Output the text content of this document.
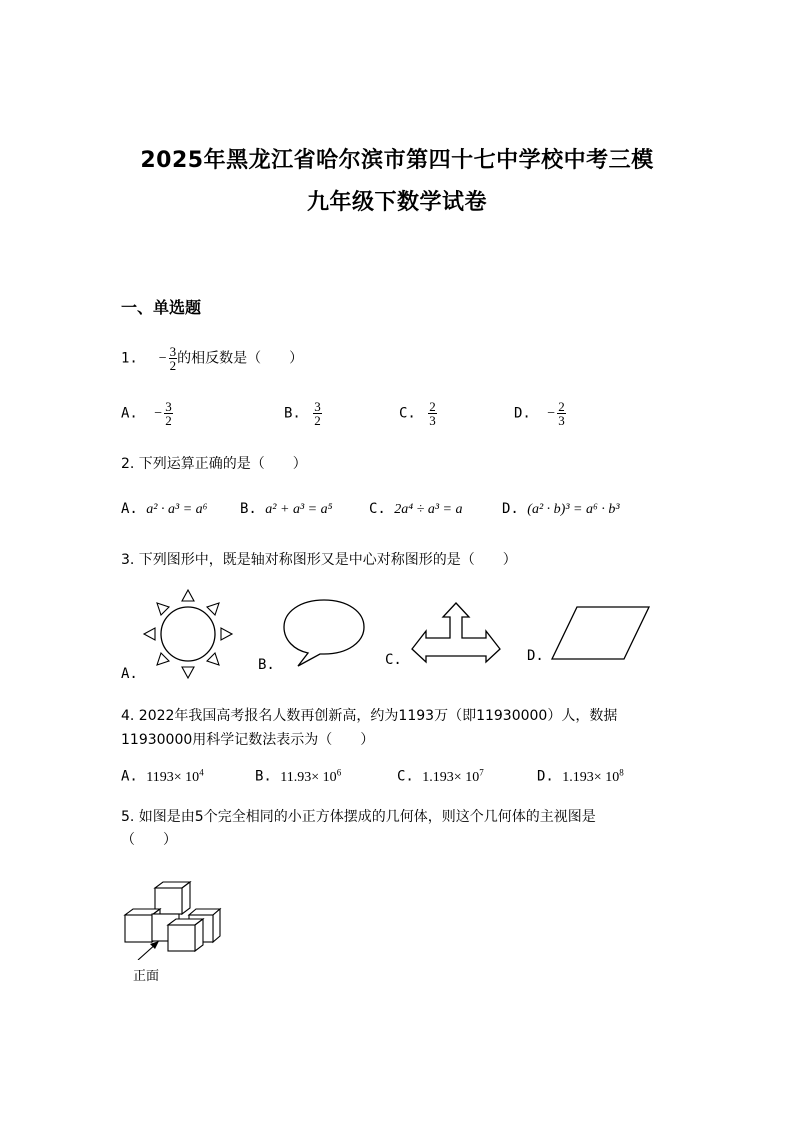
2025年黑龙江省哈尔滨市第四十七中学校中考三模
九年级下数学试卷
一、单选题
1. − $\frac{3}{2}$ 的相反数是（　　）
A. − $\frac{3}{2}$	B. $\frac{3}{2}$	C. $\frac{2}{3}$	D. − $\frac{2}{3}$
2. 下列运算正确的是（　　）
A. a² · a³ = a⁶ B. a² + a³ = a⁵	C. 2a⁴ ÷ a³ = a	D. (a² · b)³ = a⁶ · b³
3. 下列图形中，既是轴对称图形又是中心对称图形的是（　　）
A.
B.	C.	D.
4. 2022年我国高考报名人数再创新高，约为1193万（即11930000）人，数据
11930000用科学记数法表示为（　　）
A. $1193\times 10^4$	B. $11.93\times 10^6$	C. $1.193\times 10^7$	D. $1.193\times 10^8$
5. 如图是由5个完全相同的小正方体摆成的几何体，则这个几何体的主视图是
（　　）
正面
